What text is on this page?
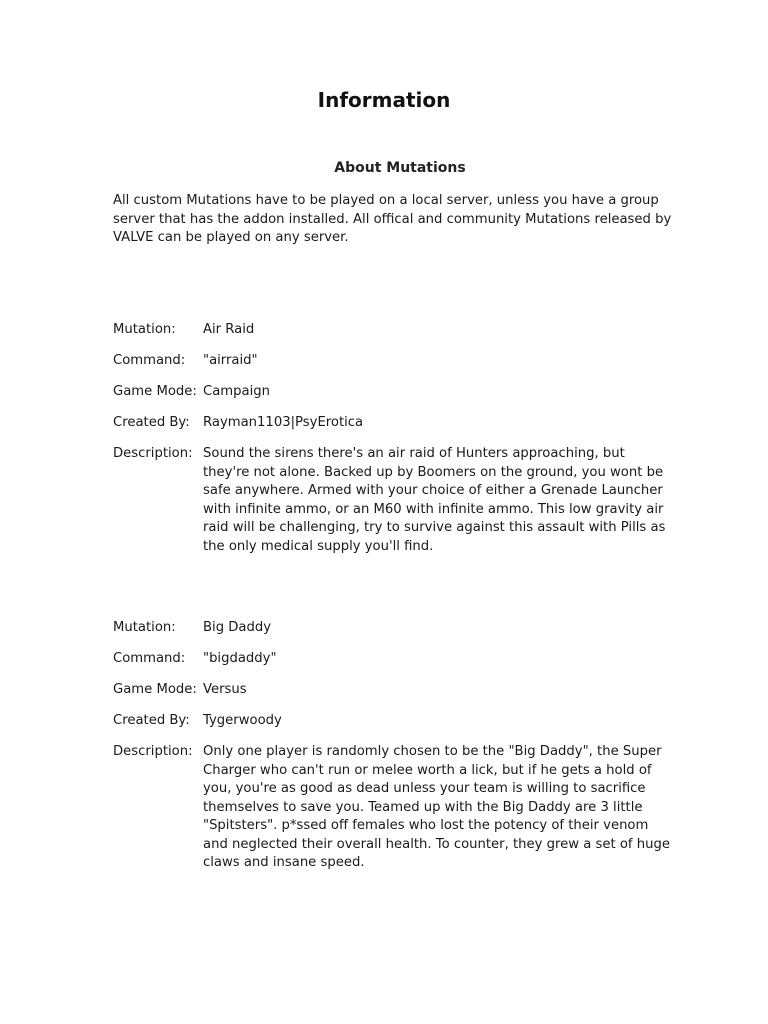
Information
About Mutations

All custom Mutations have to be played on a local server, unless you have a group server that has the addon installed. All offical and community Mutations released by VALVE can be played on any server.

Mutation:	Air Raid
Command:	"airraid"
Game Mode: Campaign
Created By:	Rayman1103|PsyErotica
Description: Sound the sirens there's an air raid of Hunters approaching, but they're not alone. Backed up by Boomers on the ground, you wont be safe anywhere. Armed with your choice of either a Grenade Launcher with infinite ammo, or an M60 with infinite ammo. This low gravity air raid will be challenging, try to survive against this assault with Pills as the only medical supply you'll find.
Mutation:	Big Daddy
Command:	"bigdaddy"
Game Mode: Versus
Created By:	Tygerwoody
Description: Only one player is randomly chosen to be the "Big Daddy", the Super Charger who can't run or melee worth a lick, but if he gets a hold of you, you're as good as dead unless your team is willing to sacrifice themselves to save you. Teamed up with the Big Daddy are 3 little "Spitsters". p*ssed off females who lost the potency of their venom and neglected their overall health. To counter, they grew a set of huge claws and insane speed.
